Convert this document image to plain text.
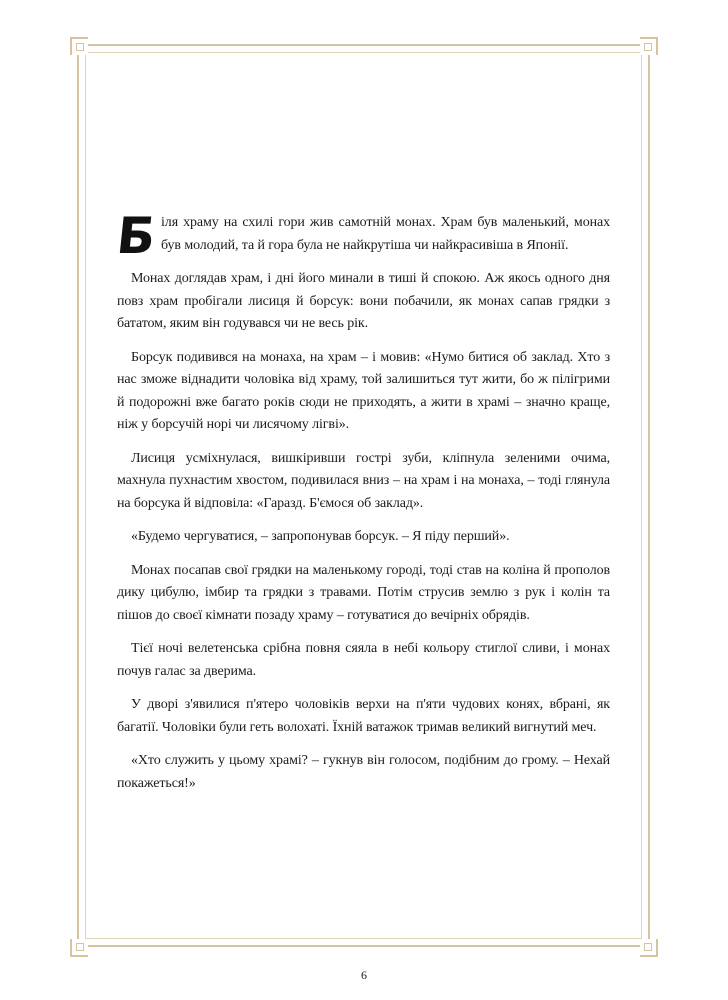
Біля храму на схилі гори жив самотній монах. Храм був маленький, монах був молодий, та й гора була не найкрутіша чи найкрасивіша в Японії.

Монах доглядав храм, і дні його минали в тиші й спокою. Аж якось одного дня повз храм пробігали лисиця й борсук: вони побачили, як монах сапав грядки з бататом, яким він годувався чи не весь рік.

Борсук подивився на монаха, на храм – і мовив: «Нумо битися об заклад. Хто з нас зможе віднадити чоловіка від храму, той залишиться тут жити, бо ж пілігрими й подорожні вже багато років сюди не приходять, а жити в храмі – значно краще, ніж у борсучій норі чи лисячому лігві».

Лисиця усміхнулася, вишкіривши гострі зуби, кліпнула зеленими очима, махнула пухнастим хвостом, подивилася вниз – на храм і на монаха, – тоді глянула на борсука й відповіла: «Гаразд. Б'ємося об заклад».

«Будемо чергуватися, – запропонував борсук. – Я піду перший».

Монах посапав свої грядки на маленькому городі, тоді став на коліна й прополов дику цибулю, імбир та грядки з травами. Потім струсив землю з рук і колін та пішов до своєї кімнати позаду храму – готуватися до вечірніх обрядів.

Тієї ночі велетенська срібна повня сяяла в небі кольору стиглої сливи, і монах почув галас за дверима.

У дворі з'явилися п'ятеро чоловіків верхи на п'яти чудових конях, вбрані, як багатії. Чоловіки були геть волохаті. Їхній ватажок тримав великий вигнутий меч.

«Хто служить у цьому храмі? – гукнув він голосом, подібним до грому. – Нехай покажеться!»

6
